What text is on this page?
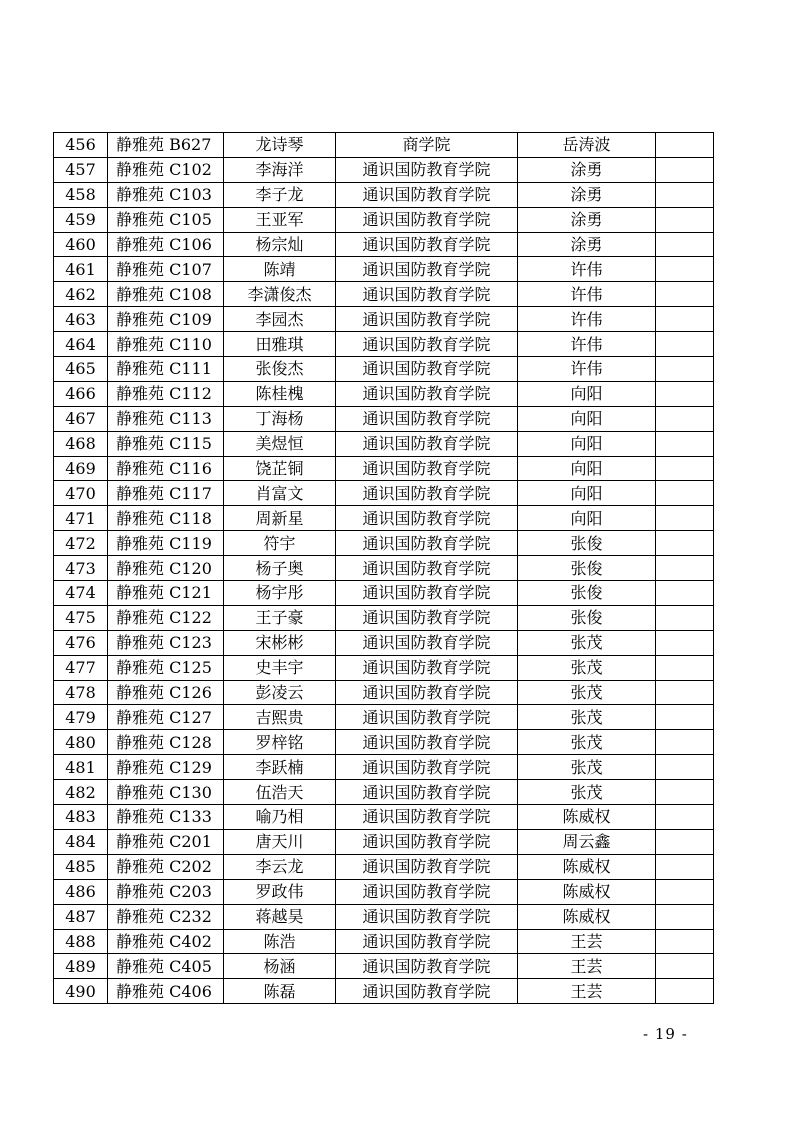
456	静雅苑 B627	龙诗琴	商学院	岳涛波	
457	静雅苑 C102	李海洋	通识国防教育学院	涂勇	
458	静雅苑 C103	李子龙	通识国防教育学院	涂勇	
459	静雅苑 C105	王亚军	通识国防教育学院	涂勇	
460	静雅苑 C106	杨宗灿	通识国防教育学院	涂勇	
461	静雅苑 C107	陈靖	通识国防教育学院	许伟	
462	静雅苑 C108	李潇俊杰	通识国防教育学院	许伟	
463	静雅苑 C109	李园杰	通识国防教育学院	许伟	
464	静雅苑 C110	田雅琪	通识国防教育学院	许伟	
465	静雅苑 C111	张俊杰	通识国防教育学院	许伟	
466	静雅苑 C112	陈桂槐	通识国防教育学院	向阳	
467	静雅苑 C113	丁海杨	通识国防教育学院	向阳	
468	静雅苑 C115	美煜恒	通识国防教育学院	向阳	
469	静雅苑 C116	饶芷铜	通识国防教育学院	向阳	
470	静雅苑 C117	肖富文	通识国防教育学院	向阳	
471	静雅苑 C118	周新星	通识国防教育学院	向阳	
472	静雅苑 C119	符宇	通识国防教育学院	张俊	
473	静雅苑 C120	杨子奥	通识国防教育学院	张俊	
474	静雅苑 C121	杨宇彤	通识国防教育学院	张俊	
475	静雅苑 C122	王子豪	通识国防教育学院	张俊	
476	静雅苑 C123	宋彬彬	通识国防教育学院	张茂	
477	静雅苑 C125	史丰宇	通识国防教育学院	张茂	
478	静雅苑 C126	彭凌云	通识国防教育学院	张茂	
479	静雅苑 C127	吉熙贵	通识国防教育学院	张茂	
480	静雅苑 C128	罗梓铭	通识国防教育学院	张茂	
481	静雅苑 C129	李跃楠	通识国防教育学院	张茂	
482	静雅苑 C130	伍浩天	通识国防教育学院	张茂	
483	静雅苑 C133	喻乃相	通识国防教育学院	陈威权	
484	静雅苑 C201	唐天川	通识国防教育学院	周云鑫	
485	静雅苑 C202	李云龙	通识国防教育学院	陈威权	
486	静雅苑 C203	罗政伟	通识国防教育学院	陈威权	
487	静雅苑 C232	蒋越昊	通识国防教育学院	陈威权	
488	静雅苑 C402	陈浩	通识国防教育学院	王芸	
489	静雅苑 C405	杨涵	通识国防教育学院	王芸	
490	静雅苑 C406	陈磊	通识国防教育学院	王芸	
- 19 -
